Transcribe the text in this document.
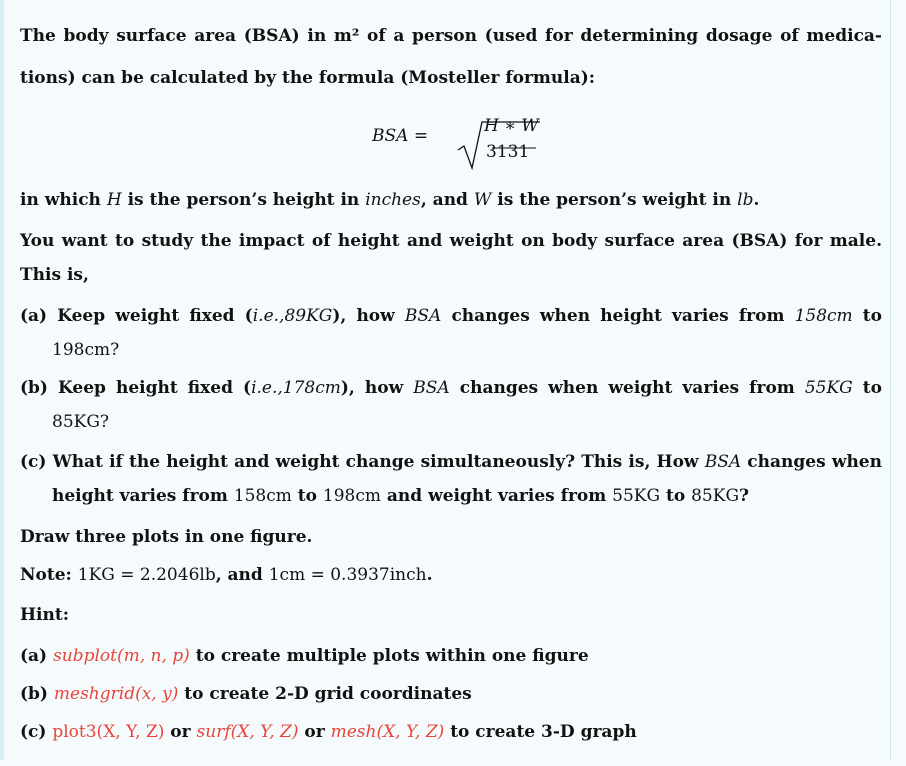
The body surface area (BSA) in m² of a person (used for determining dosage of medica-
tions) can be calculated by the formula (Mosteller formula):
BSA =	H ∗ W
3131
in which H is the person’s height in inches, and W is the person’s weight in lb.
You want to study the impact of height and weight on body surface area (BSA) for male.
This is,
(a) Keep weight fixed (i.e.,89KG), how BSA changes when height varies from 158cm to
198cm?
(b) Keep height fixed (i.e.,178cm), how BSA changes when weight varies from 55KG to
85KG?
(c) What if the height and weight change simultaneously? This is, How BSA changes when
height varies from 158cm to 198cm and weight varies from 55KG to 85KG?
Draw three plots in one figure.
Note: 1KG = 2.2046lb, and 1cm = 0.3937inch.
Hint:
(a) subplot(m, n, p) to create multiple plots within one figure
(b) meshgrid(x, y) to create 2-D grid coordinates
(c) plot3(X, Y, Z) or surf(X, Y, Z) or mesh(X, Y, Z) to create 3-D graph
